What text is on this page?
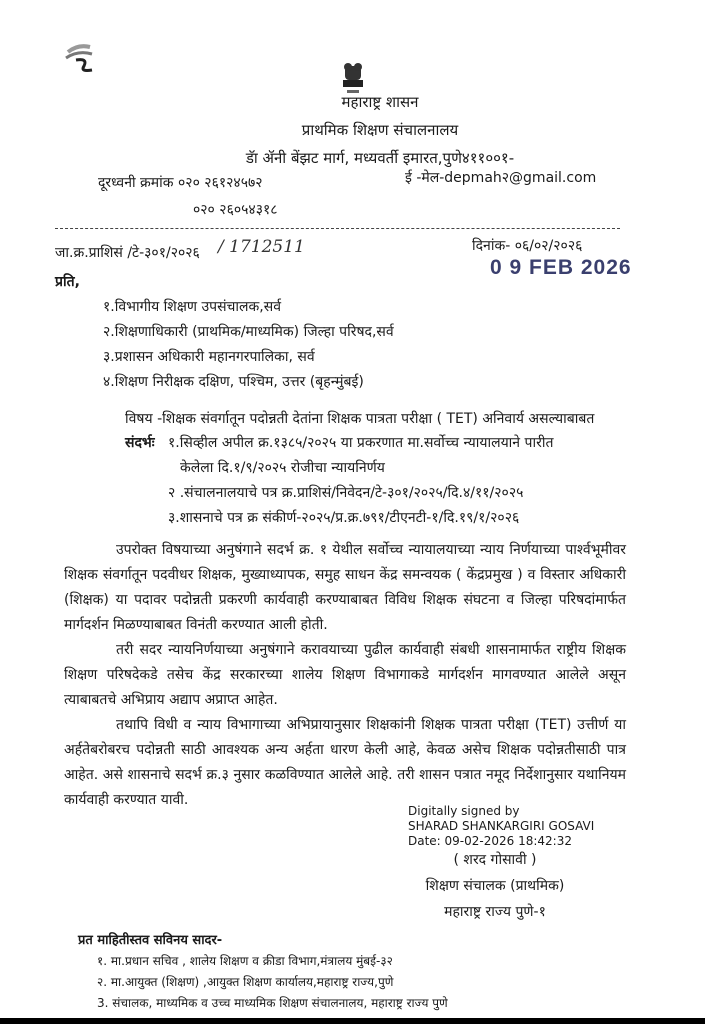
महाराष्ट्र शासन
प्राथमिक शिक्षण संचालनालय
डॅा ॲनी बेंझट मार्ग, मध्यवर्ती इमारत,पुणे४११००१-
दूरध्वनी क्रमांक ०२० २६१२४५७२	ई -मेल-depmah२@gmail.com
०२० २६०५४३१८
जा.क्र.प्राशिसं /टे-३०१/२०२६ / 1712511	दिनांक- ०६/०२/२०२६
0 9 FEB 2026
प्रति,
१.विभागीय शिक्षण उपसंचालक,सर्व
२.शिक्षणाधिकारी (प्राथमिक/माध्यमिक) जिल्हा परिषद,सर्व
३.प्रशासन अधिकारी महानगरपालिका, सर्व
४.शिक्षण निरीक्षक दक्षिण, पश्चिम, उत्तर (बृहन्मुंबई)
विषय -शिक्षक संवर्गातून पदोन्नती देतांना शिक्षक पात्रता परीक्षा ( TET) अनिवार्य असल्याबाबत
संदर्भः १.सिव्हील अपील क्र.१३८५/२०२५ या प्रकरणात मा.सर्वोच्च न्यायालयाने पारीत
केलेला दि.१/९/२०२५ रोजीचा न्यायनिर्णय
२ .संचालनालयाचे पत्र क्र.प्राशिसं/निवेदन/टे-३०१/२०२५/दि.४/११/२०२५
३.शासनाचे पत्र क्र संकीर्ण-२०२५/प्र.क्र.७९१/टीएनटी-१/दि.१९/१/२०२६
उपरोक्त विषयाच्या अनुषंगाने सदर्भ क्र. १ येथील सर्वोच्च न्यायालयाच्या न्याय निर्णयाच्या पार्श्वभूमीवर शिक्षक संवर्गातून पदवीधर शिक्षक, मुख्याध्यापक, समुह साधन केंद्र समन्वयक ( केंद्रप्रमुख ) व विस्तार अधिकारी (शिक्षक) या पदावर पदोन्नती प्रकरणी कार्यवाही करण्याबाबत विविध शिक्षक संघटना व जिल्हा परिषदांमार्फत मार्गदर्शन मिळण्याबाबत विनंती करण्यात आली होती.
तरी सदर न्यायनिर्णयाच्या अनुषंगाने करावयाच्या पुढील कार्यवाही संबधी शासनामार्फत राष्ट्रीय शिक्षक शिक्षण परिषदेकडे तसेच केंद्र सरकारच्या शालेय शिक्षण विभागाकडे मार्गदर्शन मागवण्यात आलेले असून त्याबाबतचे अभिप्राय अद्याप अप्राप्त आहेत.
तथापि विधी व न्याय विभागाच्या अभिप्रायानुसार शिक्षकांनी शिक्षक पात्रता परीक्षा (TET) उत्तीर्ण या अर्हतेबरोबरच पदोन्नती साठी आवश्यक अन्य अर्हता धारण केली आहे, केवळ असेच शिक्षक पदोन्नतीसाठी पात्र आहेत. असे शासनाचे सदर्भ क्र.३ नुसार कळविण्यात आलेले आहे. तरी शासन पत्रात नमूद निर्देशानुसार यथानियम कार्यवाही करण्यात यावी.
Digitally signed by
SHARAD SHANKARGIRI GOSAVI
Date: 09-02-2026 18:42:32
( शरद गोसावी )
शिक्षण संचालक (प्राथमिक)
महाराष्ट्र राज्य पुणे-१
प्रत माहितीस्तव सविनय सादर-
१. मा.प्रधान सचिव , शालेय शिक्षण व क्रीडा विभाग,मंत्रालय मुंबई-३२
२. मा.आयुक्त (शिक्षण) ,आयुक्त शिक्षण कार्यालय,महाराष्ट्र राज्य,पुणे
3. संचालक, माध्यमिक व उच्च माध्यमिक शिक्षण संचालनालय, महाराष्ट्र राज्य पुणे
